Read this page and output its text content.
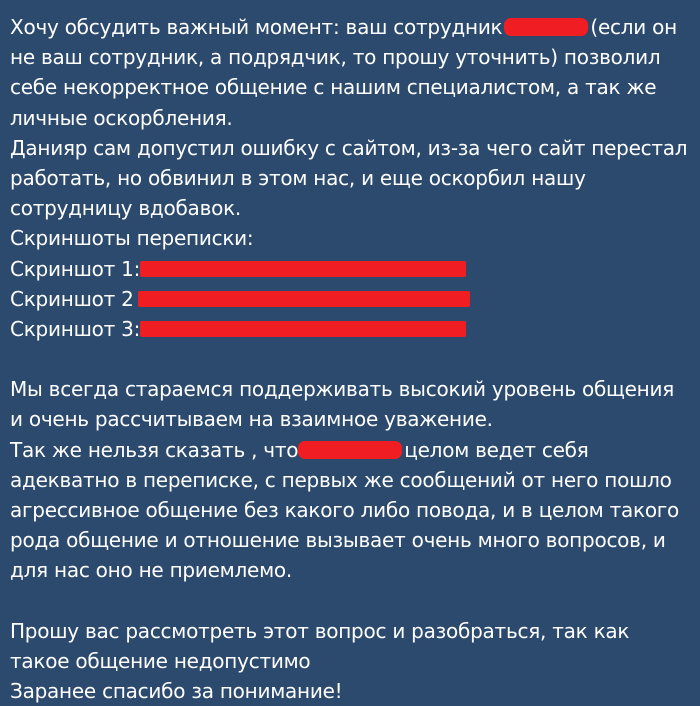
Хочу обсудить важный момент: ваш сотрудник	(если он
не ваш сотрудник, а подрядчик, то прошу уточнить) позволил
себе некорректное общение с нашим специалистом, а так же
личные оскорбления.
Данияр сам допустил ошибку с сайтом, из-за чего сайт перестал
работать, но обвинил в этом нас, и еще оскорбил нашу
сотрудницу вдобавок.
Скриншоты переписки:
Скриншот 1:
Скриншот 2
Скриншот 3:
Мы всегда стараемся поддерживать высокий уровень общения
и очень рассчитываем на взаимное уважение.
Так же нельзя сказать , что	целом ведет себя
адекватно в переписке, с первых же сообщений от него пошло
агрессивное общение без какого либо повода, и в целом такого
рода общение и отношение вызывает очень много вопросов, и
для нас оно не приемлемо.
Прошу вас рассмотреть этот вопрос и разобраться, так как
такое общение недопустимо
Заранее спасибо за понимание!
